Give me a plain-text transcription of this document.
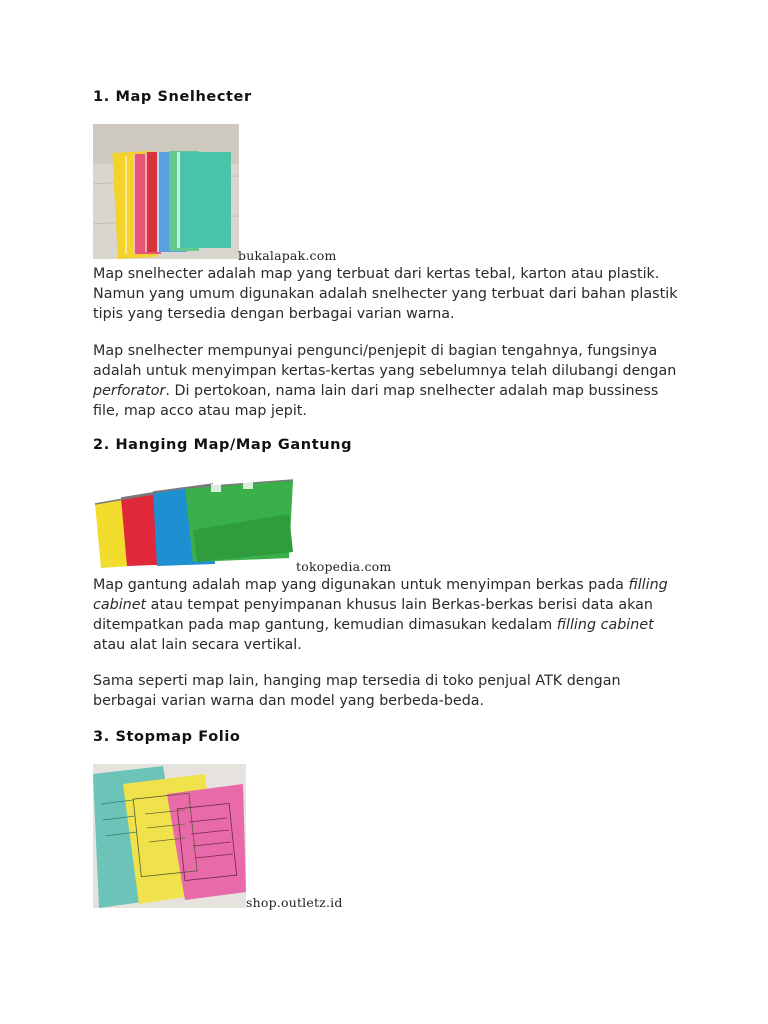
1. Map Snelhecter
bukalapak.com

Map snelhecter adalah map yang terbuat dari kertas tebal, karton atau plastik. Namun yang umum digunakan adalah snelhecter yang terbuat dari bahan plastik tipis yang tersedia dengan berbagai varian warna.

Map snelhecter mempunyai pengunci/penjepit di bagian tengahnya, fungsinya adalah untuk menyimpan kertas-kertas yang sebelumnya telah dilubangi dengan perforator. Di pertokoan, nama lain dari map snelhecter adalah map bussiness file, map acco atau map jepit.

2. Hanging Map/Map Gantung
tokopedia.com

Map gantung adalah map yang digunakan untuk menyimpan berkas pada filling cabinet atau tempat penyimpanan khusus lain Berkas-berkas berisi data akan ditempatkan pada map gantung, kemudian dimasukan kedalam filling cabinet atau alat lain secara vertikal.

Sama seperti map lain, hanging map tersedia di toko penjual ATK dengan berbagai varian warna dan model yang berbeda-beda.

3. Stopmap Folio
shop.outletz.id
